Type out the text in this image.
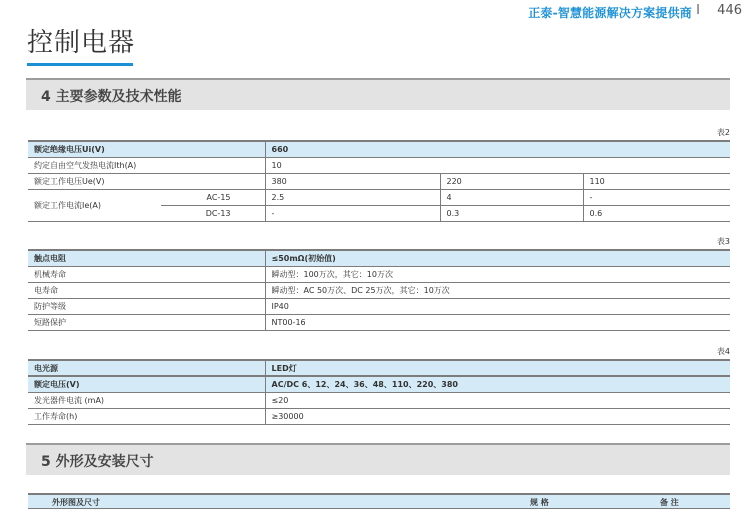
正泰-智慧能源解决方案提供商 I 446
控制电器
4 主要参数及技术性能
表2
额定绝缘电压Ui(V)		660		
约定自由空气发热电流Ith(A)		10		
额定工作电压Ue(V)		380	220	110
额定工作电流Ie(A)	AC-15	2.5	4	-
	DC-13	-	0.3	0.6
表3
触点电阻	≤50mΩ(初始值)
机械寿命	瞬动型：100万次，其它：10万次
电寿命	瞬动型：AC 50万次、DC 25万次，其它：10万次
防护等级	IP40
短路保护	NT00-16
表4
电光源	LED灯
额定电压(V)	AC/DC 6、12、24、36、48、110、220、380
发光器件电流 (mA)	≤20
工作寿命(h)	≥30000
5 外形及安装尺寸
外形图及尺寸	规 格	备 注
